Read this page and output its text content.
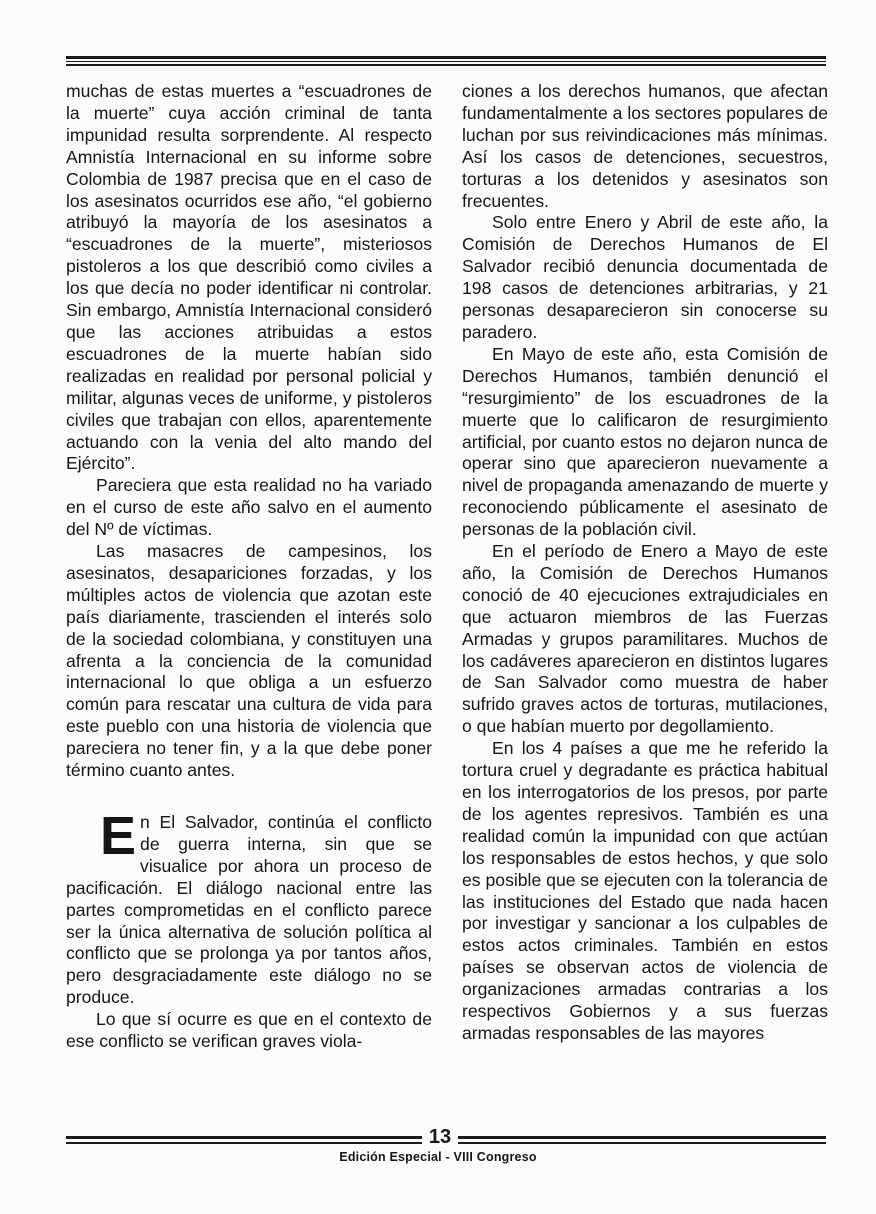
muchas de estas muertes a “escuadrones de la muerte” cuya acción criminal de tanta impunidad resulta sorprendente. Al respecto Amnistía Internacional en su informe sobre Colombia de 1987 precisa que en el caso de los asesinatos ocurridos ese año, “el gobierno atribuyó la mayoría de los asesinatos a “escuadrones de la muerte”, misteriosos pistoleros a los que describió como civiles a los que decía no poder identificar ni controlar. Sin embargo, Amnistía Internacional consideró que las acciones atribuidas a estos escuadrones de la muerte habían sido realizadas en realidad por personal policial y militar, algunas veces de uniforme, y pistoleros civiles que trabajan con ellos, aparentemente actuando con la venia del alto mando del Ejército”.

Pareciera que esta realidad no ha variado en el curso de este año salvo en el aumento del Nº de víctimas.

Las masacres de campesinos, los asesinatos, desapariciones forzadas, y los múltiples actos de violencia que azotan este país diariamente, trascienden el interés solo de la sociedad colombiana, y constituyen una afrenta a la conciencia de la comunidad internacional lo que obliga a un esfuerzo común para rescatar una cultura de vida para este pueblo con una historia de violencia que pareciera no tener fin, y a la que debe poner término cuanto antes.

E n El Salvador, continúa el conflicto de guerra interna, sin que se visualice por ahora un proceso de pacificación. El diálogo nacional entre las partes comprometidas en el conflicto parece ser la única alternativa de solución política al conflicto que se prolonga ya por tantos años, pero desgraciadamente este diálogo no se produce.

Lo que sí ocurre es que en el contexto de ese conflicto se verifican graves viola-

ciones a los derechos humanos, que afectan fundamentalmente a los sectores populares de luchan por sus reivindicaciones más mínimas. Así los casos de detenciones, secuestros, torturas a los detenidos y asesinatos son frecuentes.

Solo entre Enero y Abril de este año, la Comisión de Derechos Humanos de El Salvador recibió denuncia documentada de 198 casos de detenciones arbitrarias, y 21 personas desaparecieron sin conocerse su paradero.

En Mayo de este año, esta Comisión de Derechos Humanos, también denunció el “resurgimiento” de los escuadrones de la muerte que lo calificaron de resurgimiento artificial, por cuanto estos no dejaron nunca de operar sino que aparecieron nuevamente a nivel de propaganda amenazando de muerte y reconociendo públicamente el asesinato de personas de la población civil.

En el período de Enero a Mayo de este año, la Comisión de Derechos Humanos conoció de 40 ejecuciones extrajudiciales en que actuaron miembros de las Fuerzas Armadas y grupos paramilitares. Muchos de los cadáveres aparecieron en distintos lugares de San Salvador como muestra de haber sufrido graves actos de torturas, mutilaciones, o que habían muerto por degollamiento.

En los 4 países a que me he referido la tortura cruel y degradante es práctica habitual en los interrogatorios de los presos, por parte de los agentes represivos. También es una realidad común la impunidad con que actúan los responsables de estos hechos, y que solo es posible que se ejecuten con la tolerancia de las instituciones del Estado que nada hacen por investigar y sancionar a los culpables de estos actos criminales. También en estos países se observan actos de violencia de organizaciones armadas contrarias a los respectivos Gobiernos y a sus fuerzas armadas responsables de las mayores

13
Edición Especial - VIII Congreso
